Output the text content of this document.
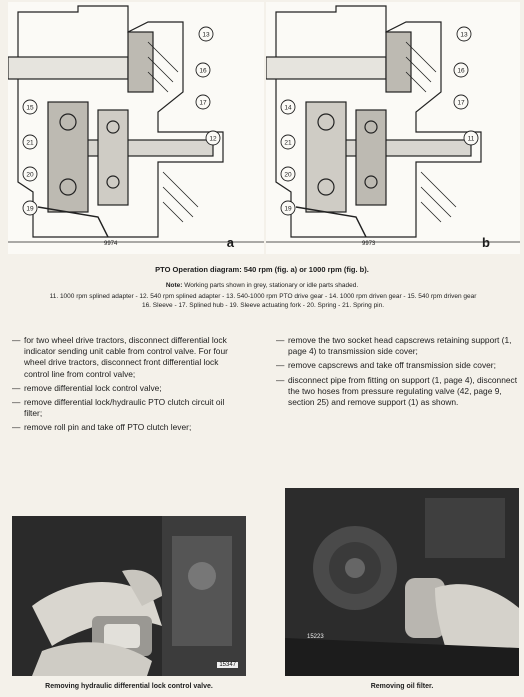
13
16
15
17
12
21
20
19
9974	a
13
16
14
17
11
21
20
19
9973	b
PTO Operation diagram: 540 rpm (fig. a) or 1000 rpm (fig. b).
Note: Working parts shown in grey, stationary or idle parts shaded.
11. 1000 rpm splined adapter - 12. 540 rpm splined adapter - 13. 540-1000 rpm PTO drive gear - 14. 1000 rpm driven gear - 15. 540 rpm driven gear
16. Sleeve - 17. Splined hub - 19. Sleeve actuating fork - 20. Spring - 21. Spring pin.
— for two wheel drive tractors, disconnect differential lock indicator sending unit cable from control valve. For four wheel drive tractors, disconnect front differential lock control line from control valve;
— remove differential lock control valve;
— remove differential lock/hydraulic PTO clutch circuit oil filter;
— remove roll pin and take off PTO clutch lever;
— remove the two socket head capscrews retaining support (1, page 4) to transmission side cover;
— remove capscrews and take off transmission side cover;
— disconnect pipe from fitting on support (1, page 4), disconnect the two hoses from pressure regulating valve (42, page 9, section 25) and remove support (1) as shown.
15347
15223
Removing hydraulic differential lock control valve.	Removing oil filter.
